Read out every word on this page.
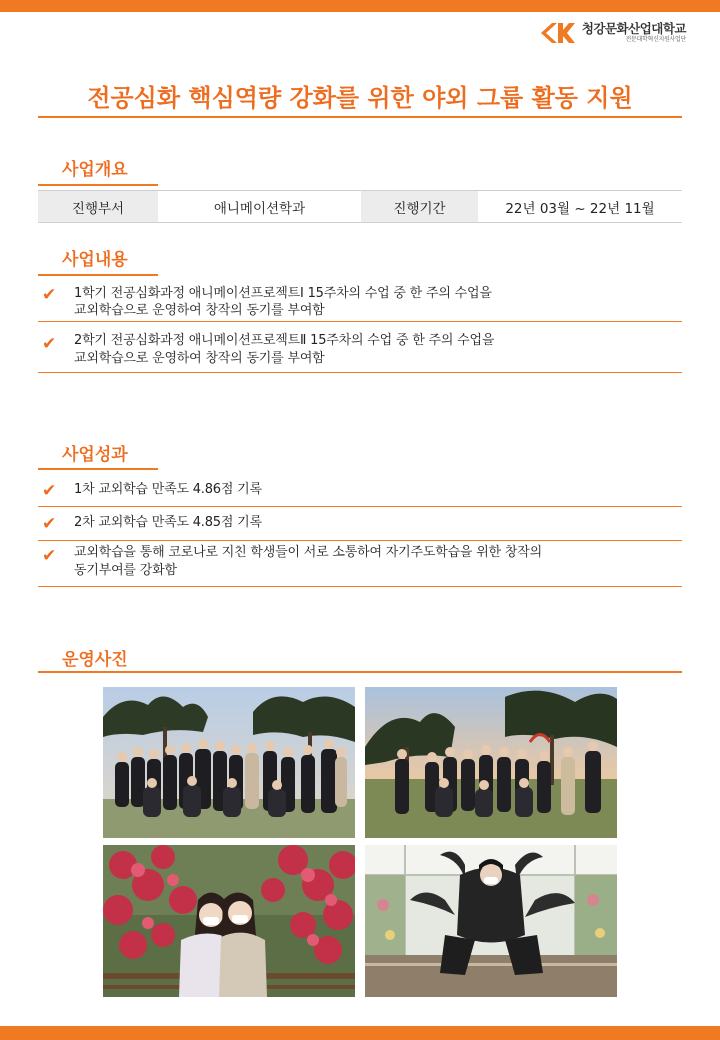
청강문화산업대학교
전문대학혁신지원사업단
전공심화 핵심역량 강화를 위한 야외 그룹 활동 지원
사업개요
진행부서	애니메이션학과	진행기간	22년 03월 ~ 22년 11월
사업내용
✔ 1학기 전공심화과정 애니메이션프로젝트Ⅰ 15주차의 수업 중 한 주의 수업을
교외학습으로 운영하여 창작의 동기를 부여함
✔ 2학기 전공심화과정 애니메이션프로젝트Ⅱ 15주차의 수업 중 한 주의 수업을
교외학습으로 운영하여 창작의 동기를 부여함
사업성과
✔ 1차 교외학습 만족도 4.86점 기록
✔ 2차 교외학습 만족도 4.85점 기록
✔ 교외학습을 통해 코로나로 지친 학생들이 서로 소통하여 자기주도학습을 위한 창작의
동기부여를 강화함
운영사진
